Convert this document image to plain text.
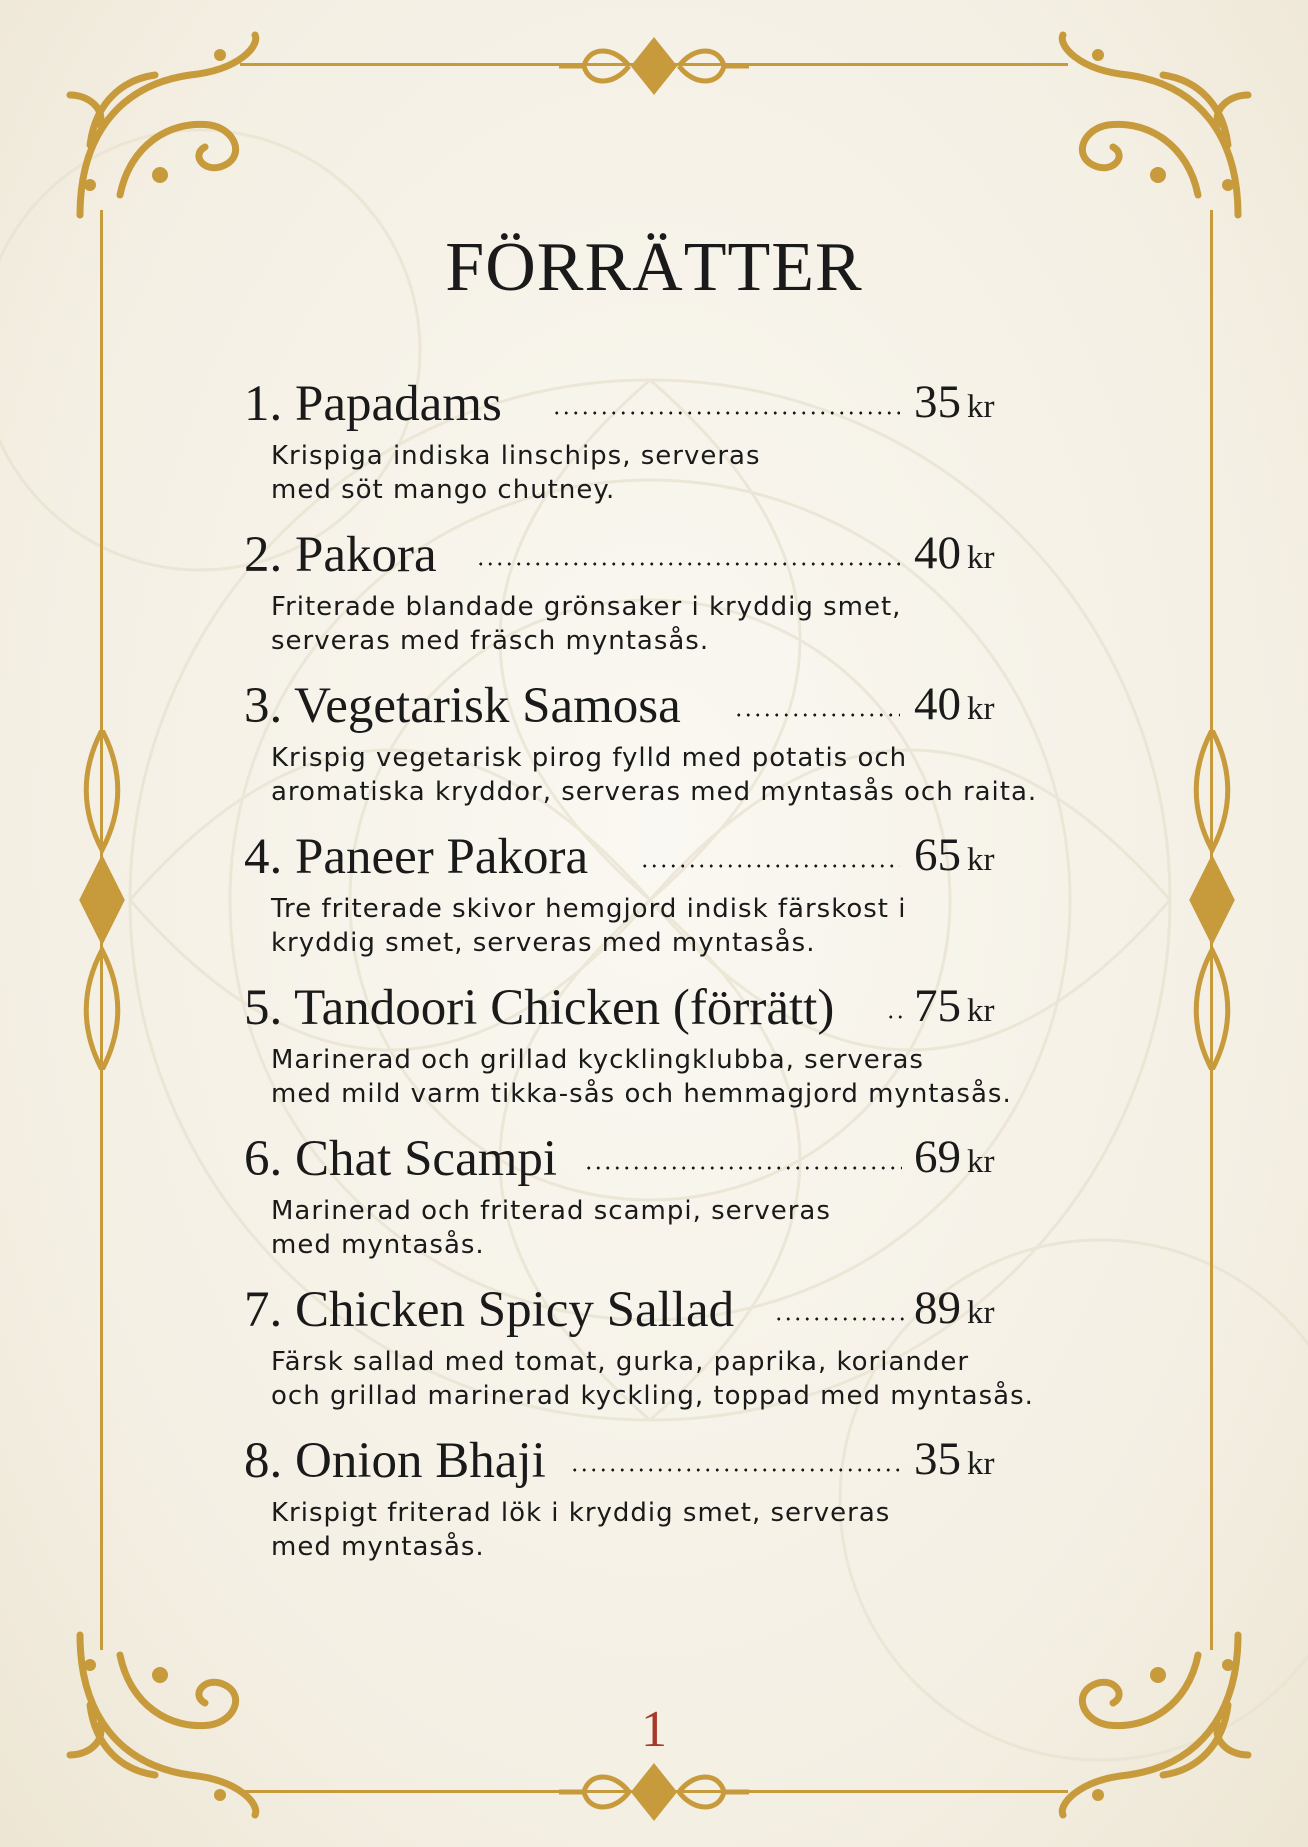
FÖRRÄTTER
1. Papadams	35 kr
Krispiga indiska linschips, serveras
med söt mango chutney.
2. Pakora	40 kr
Friterade blandade grönsaker i kryddig smet,
serveras med fräsch myntasås.
3. Vegetarisk Samosa	40 kr
Krispig vegetarisk pirog fylld med potatis och
aromatiska kryddor, serveras med myntasås och raita.
4. Paneer Pakora	65 kr
Tre friterade skivor hemgjord indisk färskost i
kryddig smet, serveras med myntasås.
5. Tandoori Chicken (förrätt) 75 kr
Marinerad och grillad kycklingklubba, serveras
med mild varm tikka-sås och hemmagjord myntasås.
6. Chat Scampi	69 kr
Marinerad och friterad scampi, serveras
med myntasås.
7. Chicken Spicy Sallad	89 kr
Färsk sallad med tomat, gurka, paprika, koriander
och grillad marinerad kyckling, toppad med myntasås.
8. Onion Bhaji	35 kr
Krispigt friterad lök i kryddig smet, serveras
med myntasås.
1
